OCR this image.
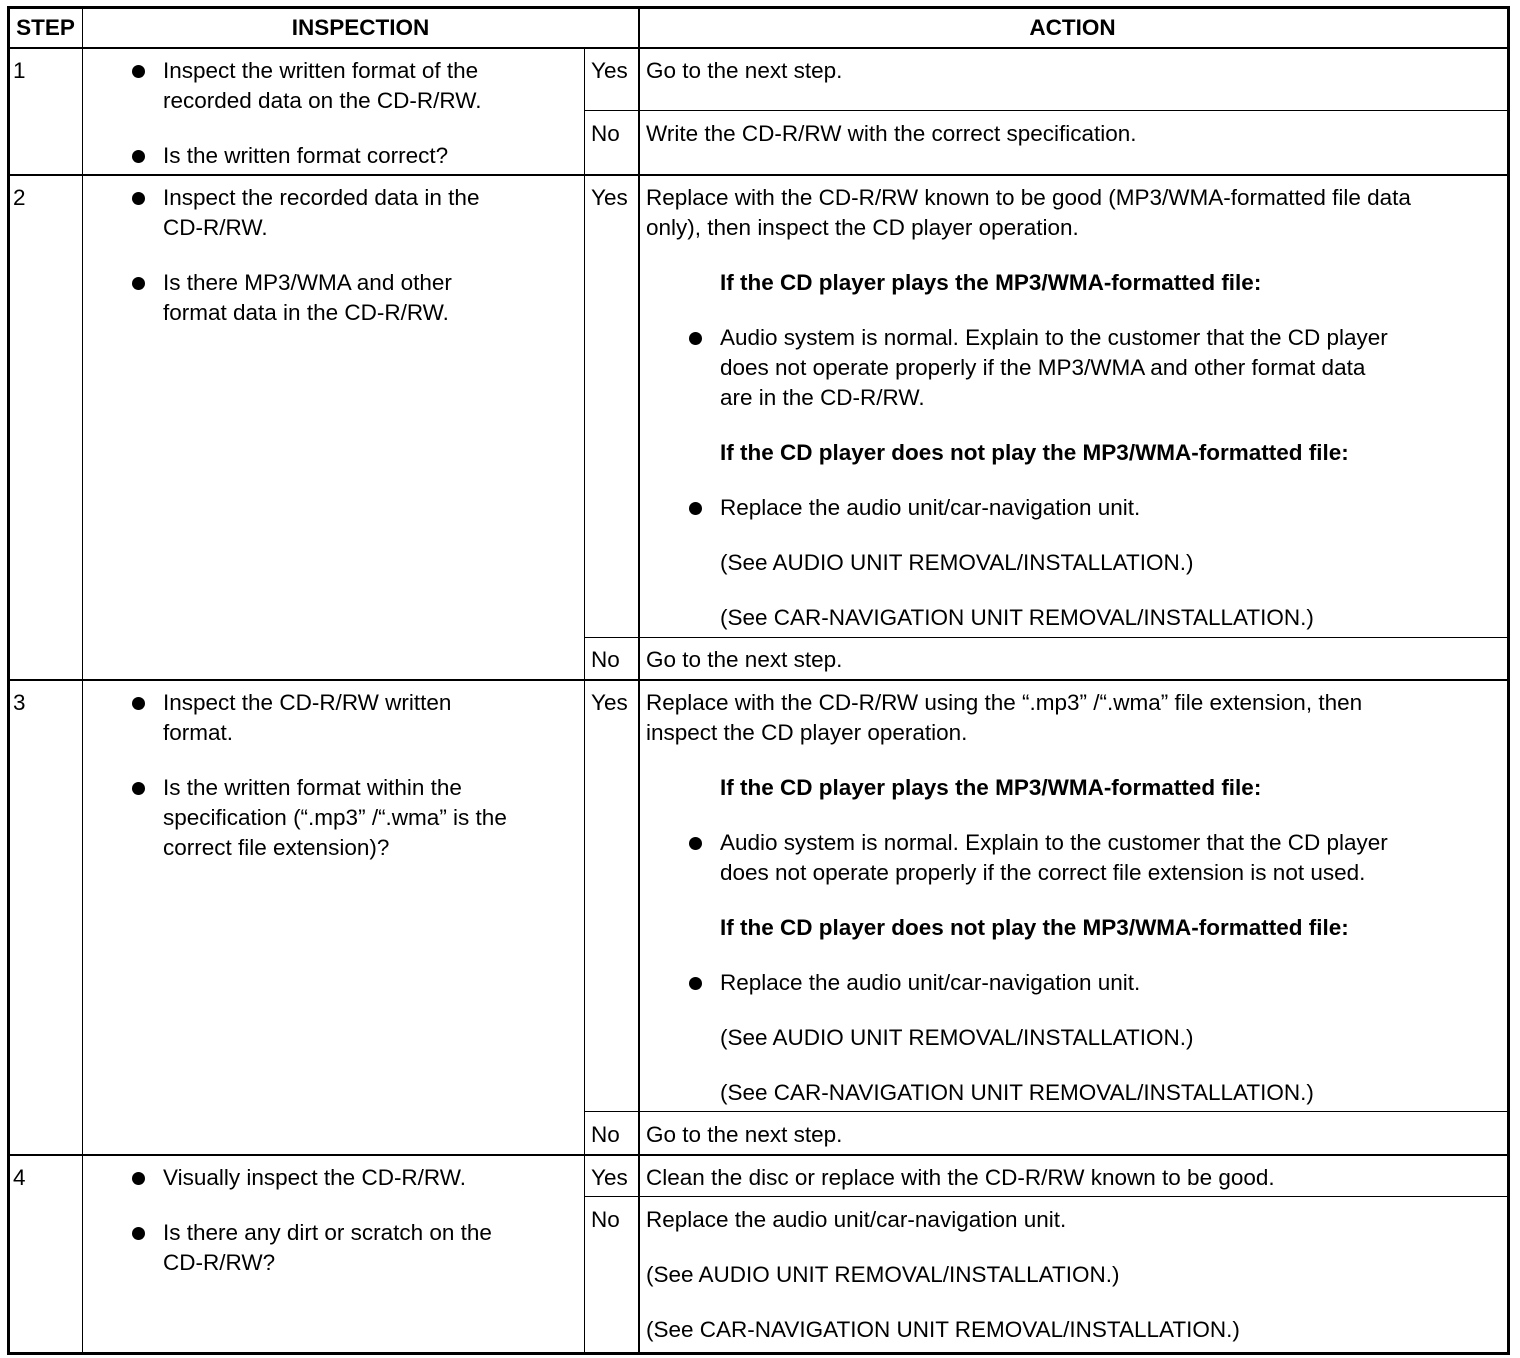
STEP	INSPECTION	ACTION
1	Inspect the written format of the
recorded data on the CD-R/RW.
Is the written format correct?
Yes Go to the next step.
No Write the CD-R/RW with the correct specification.
2	Inspect the recorded data in the
CD-R/RW.
Is there MP3/WMA and other
format data in the CD-R/RW.
Yes Replace with the CD-R/RW known to be good (MP3/WMA-formatted file data
only), then inspect the CD player operation.
If the CD player plays the MP3/WMA-formatted file:
Audio system is normal. Explain to the customer that the CD player
does not operate properly if the MP3/WMA and other format data
are in the CD-R/RW.
If the CD player does not play the MP3/WMA-formatted file:
Replace the audio unit/car-navigation unit.
(See AUDIO UNIT REMOVAL/INSTALLATION.)
(See CAR-NAVIGATION UNIT REMOVAL/INSTALLATION.)
No Go to the next step.
3	Inspect the CD-R/RW written
format.
Is the written format within the
specification (“.mp3” /“.wma” is the
correct file extension)?
Yes Replace with the CD-R/RW using the “.mp3” /“.wma” file extension, then
inspect the CD player operation.
If the CD player plays the MP3/WMA-formatted file:
Audio system is normal. Explain to the customer that the CD player
does not operate properly if the correct file extension is not used.
If the CD player does not play the MP3/WMA-formatted file:
Replace the audio unit/car-navigation unit.
(See AUDIO UNIT REMOVAL/INSTALLATION.)
(See CAR-NAVIGATION UNIT REMOVAL/INSTALLATION.)
No Go to the next step.
4	Visually inspect the CD-R/RW.
Is there any dirt or scratch on the
CD-R/RW?
Yes Clean the disc or replace with the CD-R/RW known to be good.
No Replace the audio unit/car-navigation unit.
(See AUDIO UNIT REMOVAL/INSTALLATION.)
(See CAR-NAVIGATION UNIT REMOVAL/INSTALLATION.)
